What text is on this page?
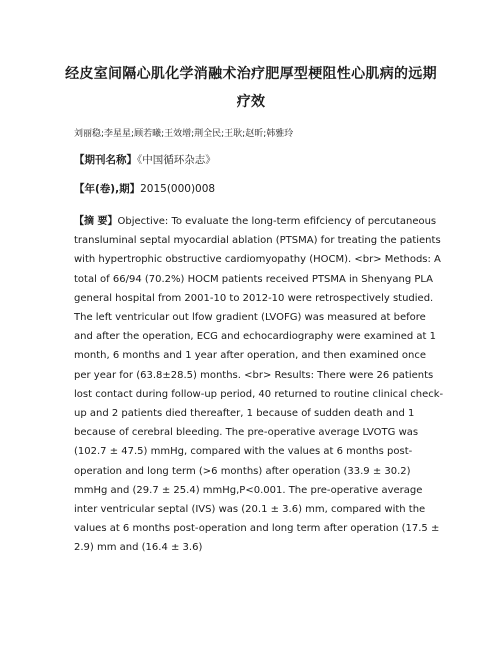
经皮室间隔心肌化学消融术治疗肥厚型梗阻性心肌病的远期疗效
刘丽稳;李星星;顾若曦;王效增;荆全民;王耿;赵昕;韩雅玲
【期刊名称】《中国循环杂志》
【年(卷),期】2015(000)008
【摘 要】Objective: To evaluate the long-term efifciency of percutaneous transluminal septal myocardial ablation (PTSMA) for treating the patients with hypertrophic obstructive cardiomyopathy (HOCM). <br> Methods: A total of 66/94 (70.2%) HOCM patients received PTSMA in Shenyang PLA general hospital from 2001-10 to 2012-10 were retrospectively studied. The left ventricular out lfow gradient (LVOFG) was measured at before and after the operation, ECG and echocardiography were examined at 1 month, 6 months and 1 year after operation, and then examined once per year for (63.8±28.5) months. <br> Results: There were 26 patients lost contact during follow-up period, 40 returned to routine clinical check-up and 2 patients died thereafter, 1 because of sudden death and 1 because of cerebral bleeding. The pre-operative average LVOTG was (102.7 ± 47.5) mmHg, compared with the values at 6 months post-operation and long term (>6 months) after operation (33.9 ± 30.2) mmHg and (29.7 ± 25.4) mmHg,P<0.001. The pre-operative average inter ventricular septal (IVS) was (20.1 ± 3.6) mm, compared with the values at 6 months post-operation and long term after operation (17.5 ± 2.9) mm and (16.4 ± 3.6)
